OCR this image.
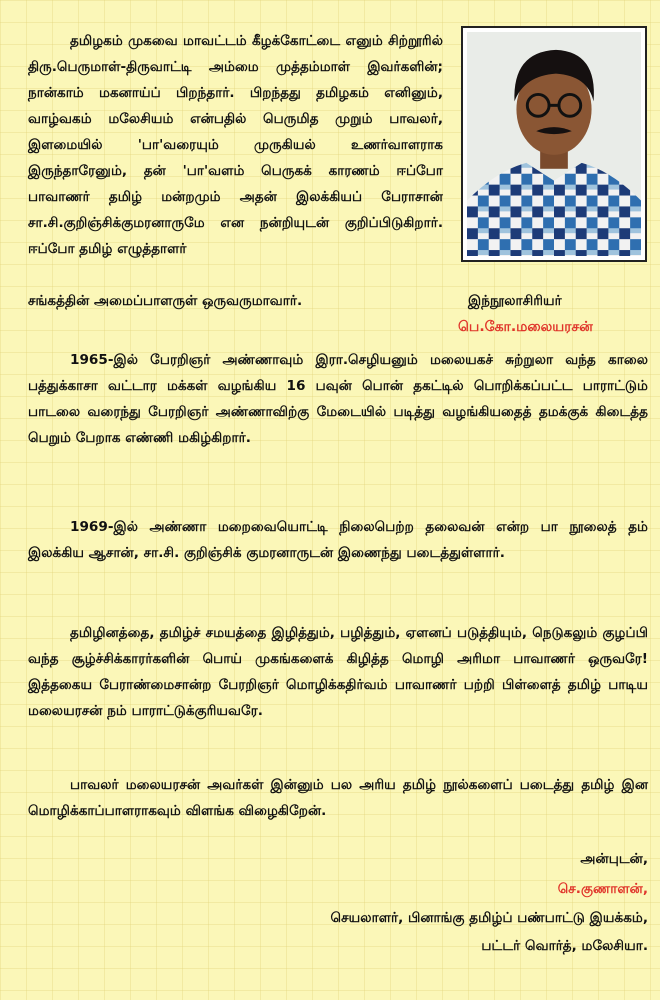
தமிழகம் முகவை மாவட்டம் கீழக்கோட்டை எனும் சிற்றூரில் திரு.பெருமாள்-திருவாட்டி அம்மை முத்தம்மாள் இவர்களின்; நான்காம் மகனாய்ப் பிறந்தார். பிறந்தது தமிழகம் எனினும், வாழ்வகம் மலேசியம் என்பதில் பெருமித முறும் பாவலர், இளமையில் 'பா'வரையும் முருகியல் உணர்வாளராக இருந்தாரேனும், தன் 'பா'வளம் பெருகக் காரணம் ஈப்போ பாவாணர் தமிழ் மன்றமும் அதன் இலக்கியப் பேராசான் சா.சி.குறிஞ்சிக்குமரனாருமே என நன்றியுடன் குறிப்பிடுகிறார். ஈப்போ தமிழ் எழுத்தாளர்
இந்நூலாசிரியர்
பெ.கோ.மலையரசன்
சங்கத்தின் அமைப்பாளருள் ஒருவருமாவார்.
1965-இல் பேரறிஞர் அண்ணாவும் இரா.செழியனும் மலையகச் சுற்றுலா வந்த காலை பத்துக்காசா வட்டார மக்கள் வழங்கிய 16 பவுன் பொன் தகட்டில் பொறிக்கப்பட்ட பாராட்டும் பாடலை வரைந்து பேரறிஞர் அண்ணாவிற்கு மேடையில் படித்து வழங்கியதைத் தமக்குக் கிடைத்த பெறும் பேறாக எண்ணி மகிழ்கிறார்.
1969-இல் அண்ணா மறைவையொட்டி நிலைபெற்ற தலைவன் என்ற பா நூலைத் தம் இலக்கிய ஆசான், சா.சி. குறிஞ்சிக் குமரனாருடன் இணைந்து படைத்துள்ளார்.
தமிழினத்தை, தமிழ்ச் சமயத்தை இழித்தும், பழித்தும், ஏளனப் படுத்தியும், நெடுகலும் குழப்பி வந்த சூழ்ச்சிக்காரர்களின் பொய் முகங்களைக் கிழித்த மொழி அரிமா பாவாணர் ஒருவரே! இத்தகைய பேராண்மைசான்ற பேரறிஞர் மொழிக்கதிர்வம் பாவாணர் பற்றி பிள்ளைத் தமிழ் பாடிய மலையரசன் நம் பாராட்டுக்குரியவரே.
பாவலர் மலையரசன் அவர்கள் இன்னும் பல அரிய தமிழ் நூல்களைப் படைத்து தமிழ் இன மொழிக்காப்பாளராகவும் விளங்க விழைகிறேன்.
அன்புடன்,
செ.குணாளன்,
செயலாளர், பினாங்கு தமிழ்ப் பண்பாட்டு இயக்கம்,
பட்டர் வொர்த், மலேசியா.
